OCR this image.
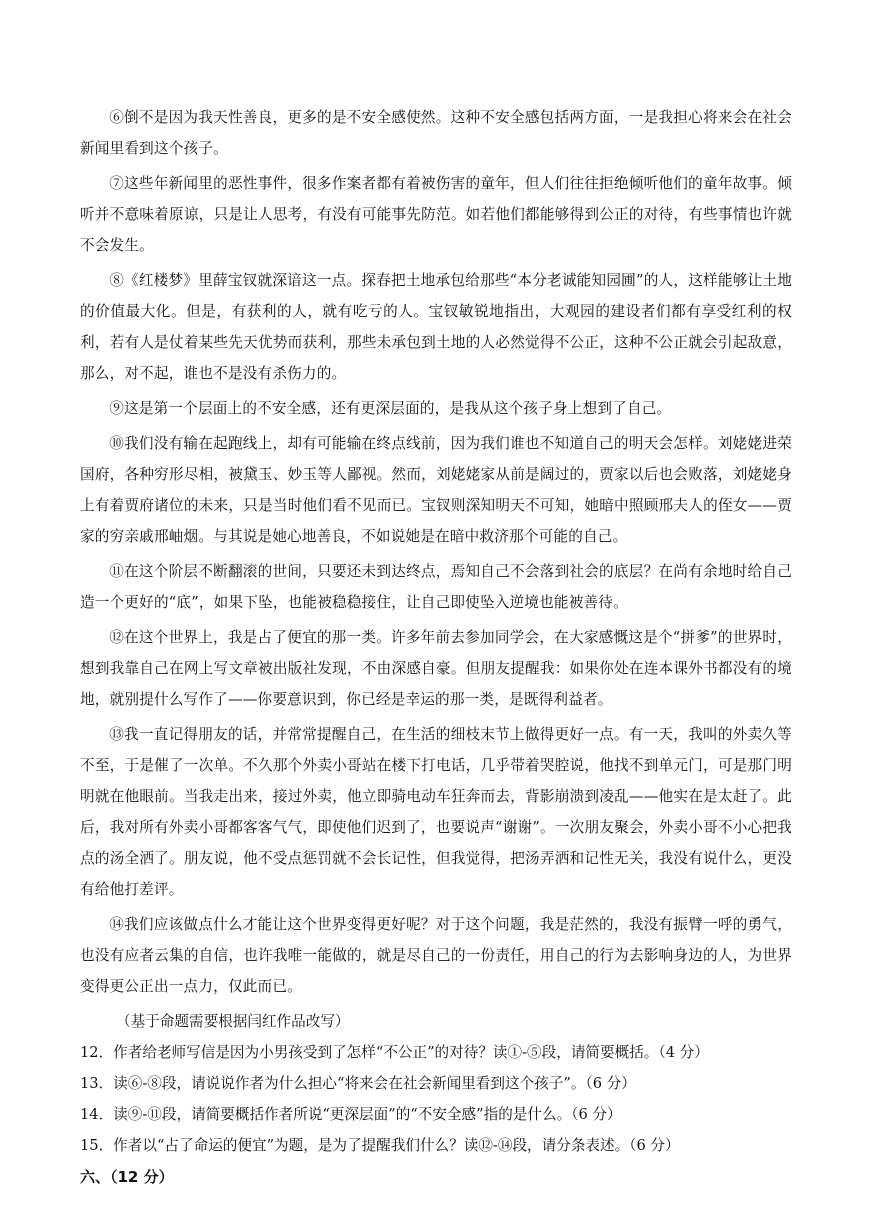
⑥倒不是因为我天性善良，更多的是不安全感使然。这种不安全感包括两方面，一是我担心将来会在社会新闻里看到这个孩子。

⑦这些年新闻里的恶性事件，很多作案者都有着被伤害的童年，但人们往往拒绝倾听他们的童年故事。倾听并不意味着原谅，只是让人思考，有没有可能事先防范。如若他们都能够得到公正的对待，有些事情也许就不会发生。

⑧《红楼梦》里薛宝钗就深谙这一点。探春把土地承包给那些“本分老诚能知园圃”的人，这样能够让土地的价值最大化。但是，有获利的人，就有吃亏的人。宝钗敏锐地指出，大观园的建设者们都有享受红利的权利，若有人是仗着某些先天优势而获利，那些未承包到土地的人必然觉得不公正，这种不公正就会引起敌意，那么，对不起，谁也不是没有杀伤力的。

⑨这是第一个层面上的不安全感，还有更深层面的，是我从这个孩子身上想到了自己。

⑩我们没有输在起跑线上，却有可能输在终点线前，因为我们谁也不知道自己的明天会怎样。刘姥姥进荣国府，各种穷形尽相，被黛玉、妙玉等人鄙视。然而，刘姥姥家从前是阔过的，贾家以后也会败落，刘姥姥身上有着贾府诸位的未来，只是当时他们看不见而已。宝钗则深知明天不可知，她暗中照顾邢夫人的侄女——贾家的穷亲戚邢岫烟。与其说是她心地善良，不如说她是在暗中救济那个可能的自己。

⑪在这个阶层不断翻滚的世间，只要还未到达终点，焉知自己不会落到社会的底层？在尚有余地时给自己造一个更好的“底”，如果下坠，也能被稳稳接住，让自己即使坠入逆境也能被善待。

⑫在这个世界上，我是占了便宜的那一类。许多年前去参加同学会，在大家感慨这是个“拼爹”的世界时，想到我靠自己在网上写文章被出版社发现，不由深感自豪。但朋友提醒我：如果你处在连本课外书都没有的境地，就别提什么写作了——你要意识到，你已经是幸运的那一类，是既得利益者。

⑬我一直记得朋友的话，并常常提醒自己，在生活的细枝末节上做得更好一点。有一天，我叫的外卖久等不至，于是催了一次单。不久那个外卖小哥站在楼下打电话，几乎带着哭腔说，他找不到单元门，可是那门明明就在他眼前。当我走出来，接过外卖，他立即骑电动车狂奔而去，背影崩溃到凌乱——他实在是太赶了。此后，我对所有外卖小哥都客客气气，即使他们迟到了，也要说声“谢谢”。一次朋友聚会，外卖小哥不小心把我点的汤全洒了。朋友说，他不受点惩罚就不会长记性，但我觉得，把汤弄洒和记性无关，我没有说什么，更没有给他打差评。

⑭我们应该做点什么才能让这个世界变得更好呢？对于这个问题，我是茫然的，我没有振臂一呼的勇气，也没有应者云集的自信，也许我唯一能做的，就是尽自己的一份责任，用自己的行为去影响身边的人，为世界变得更公正出一点力，仅此而已。

（基于命题需要根据闫红作品改写）

12．作者给老师写信是因为小男孩受到了怎样“不公正”的对待？读①-⑤段，请简要概括。（4 分）

13．读⑥-⑧段，请说说作者为什么担心“将来会在社会新闻里看到这个孩子”。（6 分）

14．读⑨-⑪段，请简要概括作者所说“更深层面”的“不安全感”指的是什么。（6 分）

15．作者以“占了命运的便宜”为题，是为了提醒我们什么？读⑫-⑭段，请分条表述。（6 分）

六、（12 分）
